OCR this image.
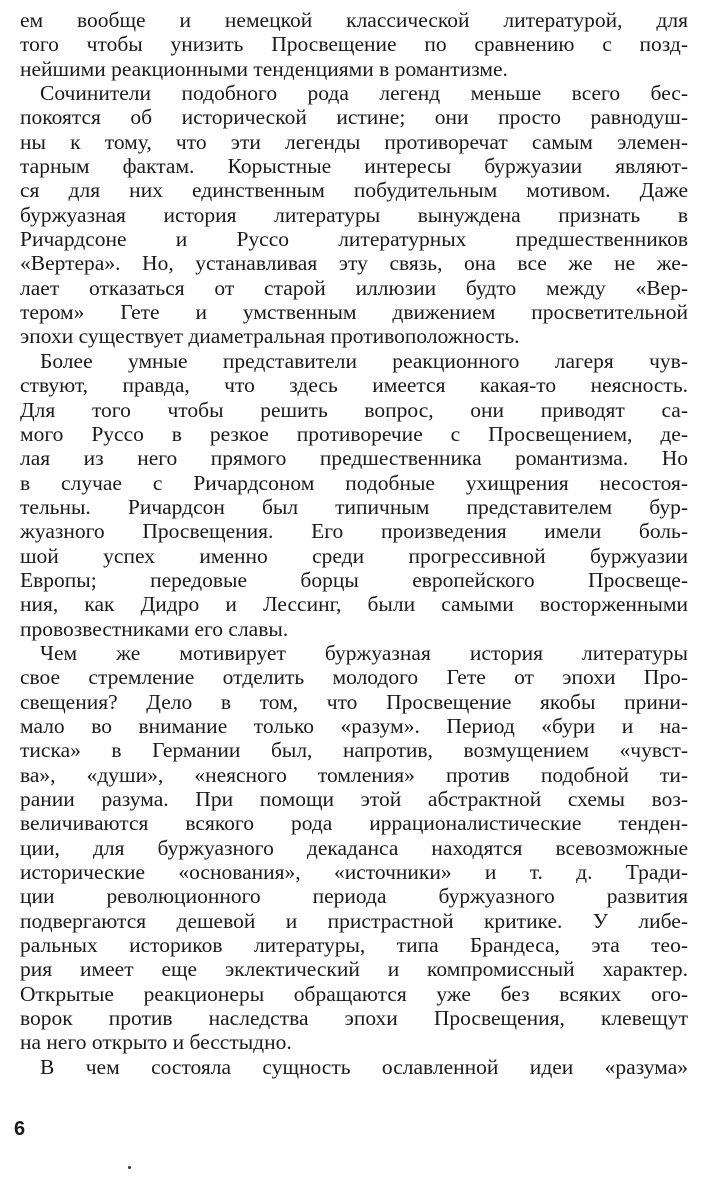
ем вообще и немецкой классической литературой, для
того чтобы унизить Просвещение по сравнению с позд-
нейшими реакционными тенденциями в романтизме.
Сочинители подобного рода легенд меньше всего бес-
покоятся об исторической истине; они просто равнодуш-
ны к тому, что эти легенды противоречат самым элемен-
тарным фактам. Корыстные интересы буржуазии являют-
ся для них единственным побудительным мотивом. Даже
буржуазная история литературы вынуждена признать в
Ричардсоне и Руссо литературных предшественников
«Вертера». Но, устанавливая эту связь, она все же не же-
лает отказаться от старой иллюзии будто между «Вер-
тером» Гете и умственным движением просветительной
эпохи существует диаметральная противоположность.
Более умные представители реакционного лагеря чув-
ствуют, правда, что здесь имеется какая-то неясность.
Для того чтобы решить вопрос, они приводят са-
мого Руссо в резкое противоречие с Просвещением, де-
лая из него прямого предшественника романтизма. Но
в случае с Ричардсоном подобные ухищрения несостоя-
тельны. Ричардсон был типичным представителем бур-
жуазного Просвещения. Его произведения имели боль-
шой успех именно среди прогрессивной буржуазии
Европы; передовые борцы европейского Просвеще-
ния, как Дидро и Лессинг, были самыми восторженными
провозвестниками его славы.
Чем же мотивирует буржуазная история литературы
свое стремление отделить молодого Гете от эпохи Про-
свещения? Дело в том, что Просвещение якобы прини-
мало во внимание только «разум». Период «бури и на-
тиска» в Германии был, напротив, возмущением «чувст-
ва», «души», «неясного томления» против подобной ти-
рании разума. При помощи этой абстрактной схемы воз-
величиваются всякого рода иррационалистические тенден-
ции, для буржуазного декаданса находятся всевозможные
исторические «основания», «источники» и т. д. Тради-
ции революционного периода буржуазного развития
подвергаются дешевой и пристрастной критике. У либе-
ральных историков литературы, типа Брандеса, эта тео-
рия имеет еще эклектический и компромиссный характер.
Открытые реакционеры обращаются уже без всяких ого-
ворок против наследства эпохи Просвещения, клевещут
на него открыто и бесстыдно.
В чем состояла сущность ославленной идеи «разума»
6
